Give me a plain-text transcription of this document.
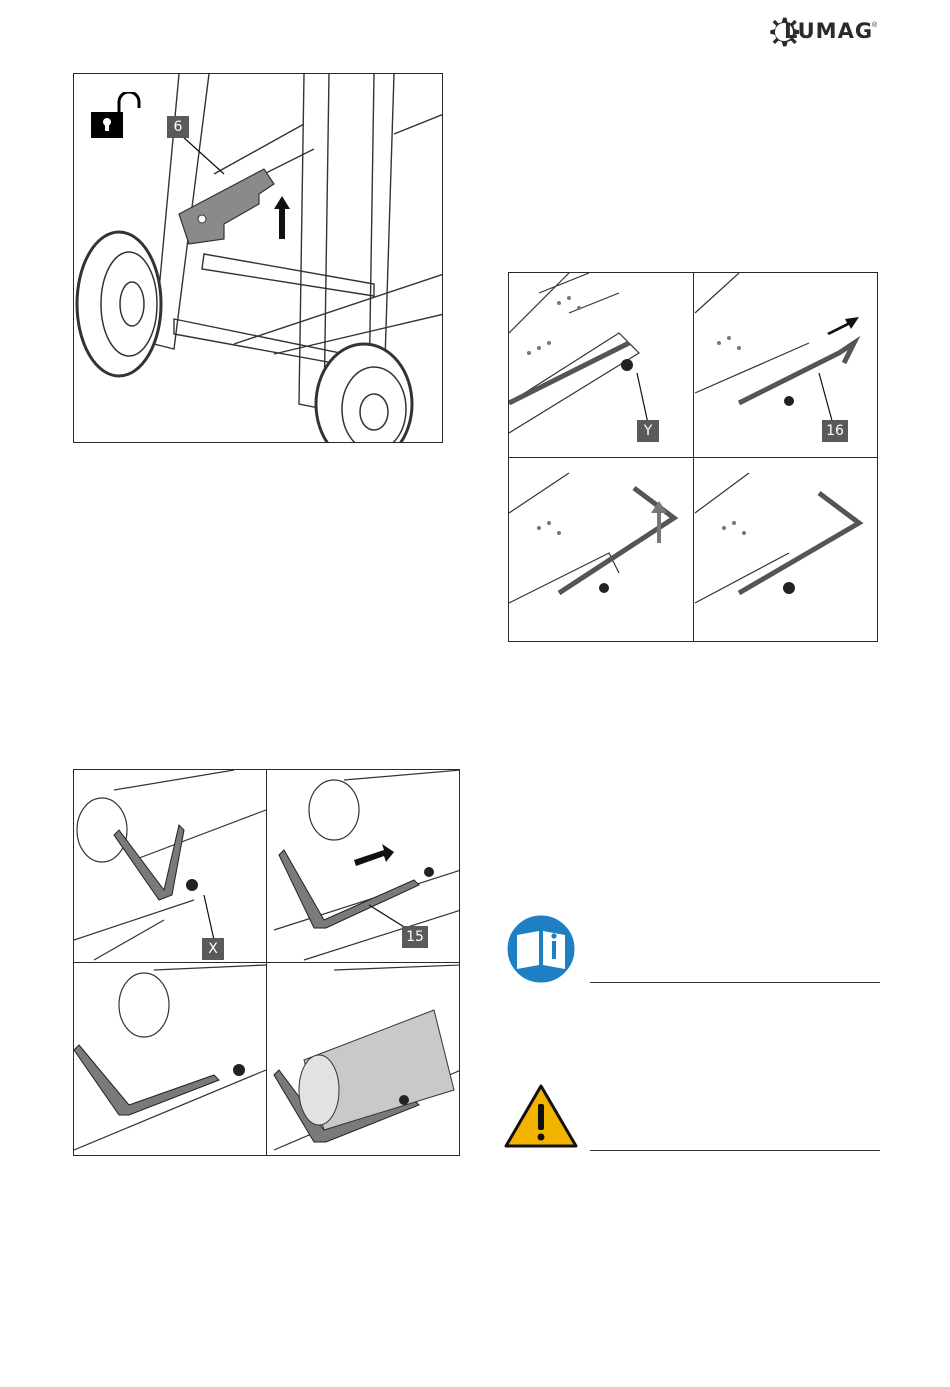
LUMAG
®
6
Y	16
X
15
